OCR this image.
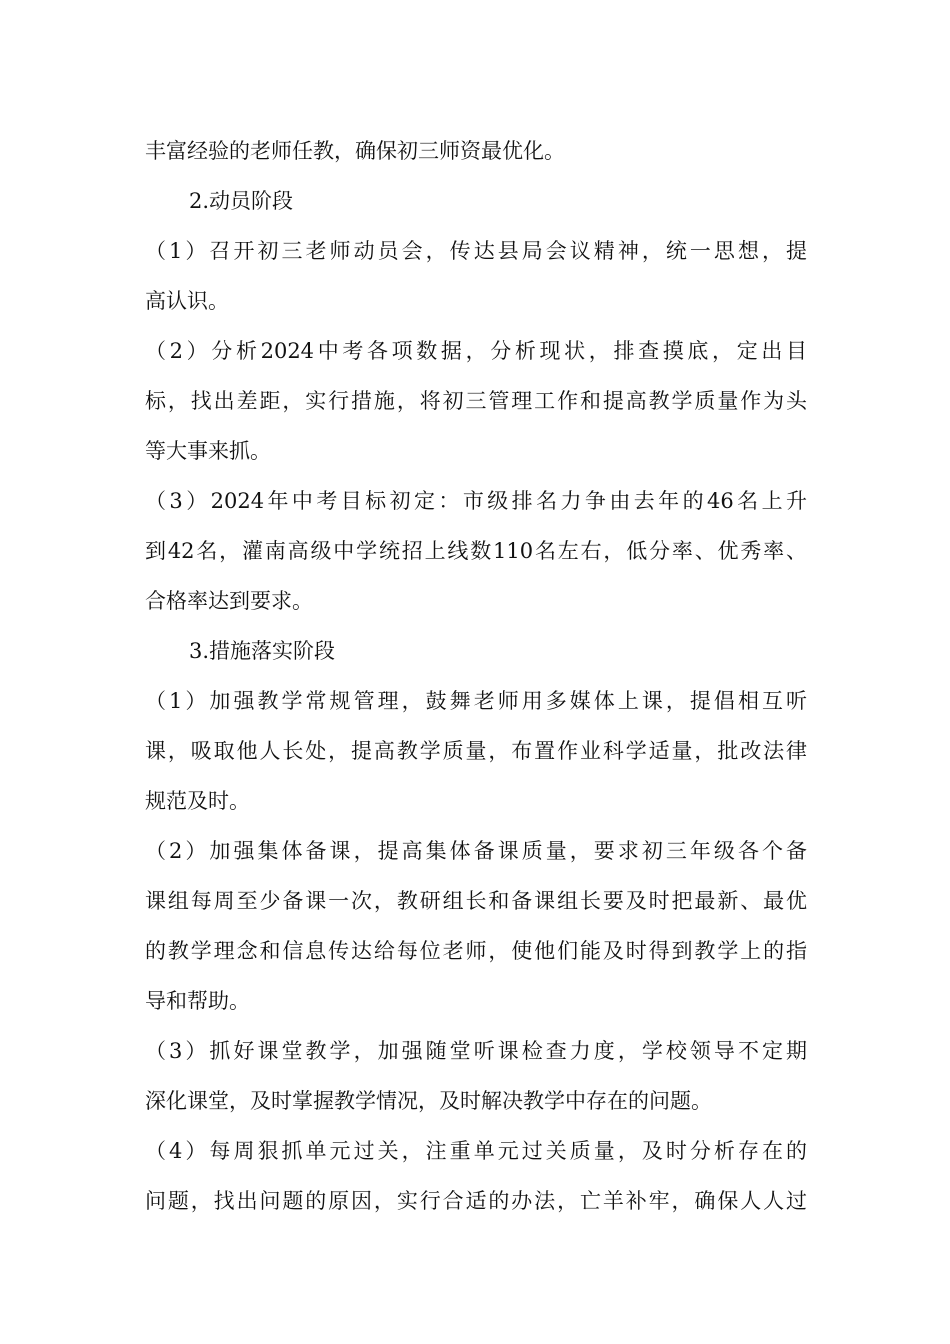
丰富经验的老师任教，确保初三师资最优化。
2.动员阶段
（1）召开初三老师动员会，传达县局会议精神，统一思想，提
高认识。
（2）分析2024中考各项数据，分析现状，排查摸底，定出目
标，找出差距，实行措施，将初三管理工作和提高教学质量作为头
等大事来抓。
（3）2024年中考目标初定：市级排名力争由去年的46名上升
到42名，灌南高级中学统招上线数110名左右，低分率、优秀率、
合格率达到要求。
3.措施落实阶段
（1）加强教学常规管理，鼓舞老师用多媒体上课，提倡相互听
课，吸取他人长处，提高教学质量，布置作业科学适量，批改法律
规范及时。
（2）加强集体备课，提高集体备课质量，要求初三年级各个备
课组每周至少备课一次，教研组长和备课组长要及时把最新、最优
的教学理念和信息传达给每位老师，使他们能及时得到教学上的指
导和帮助。
（3）抓好课堂教学，加强随堂听课检查力度，学校领导不定期
深化课堂，及时掌握教学情况，及时解决教学中存在的问题。
（4）每周狠抓单元过关，注重单元过关质量，及时分析存在的
问题，找出问题的原因，实行合适的办法，亡羊补牢，确保人人过
